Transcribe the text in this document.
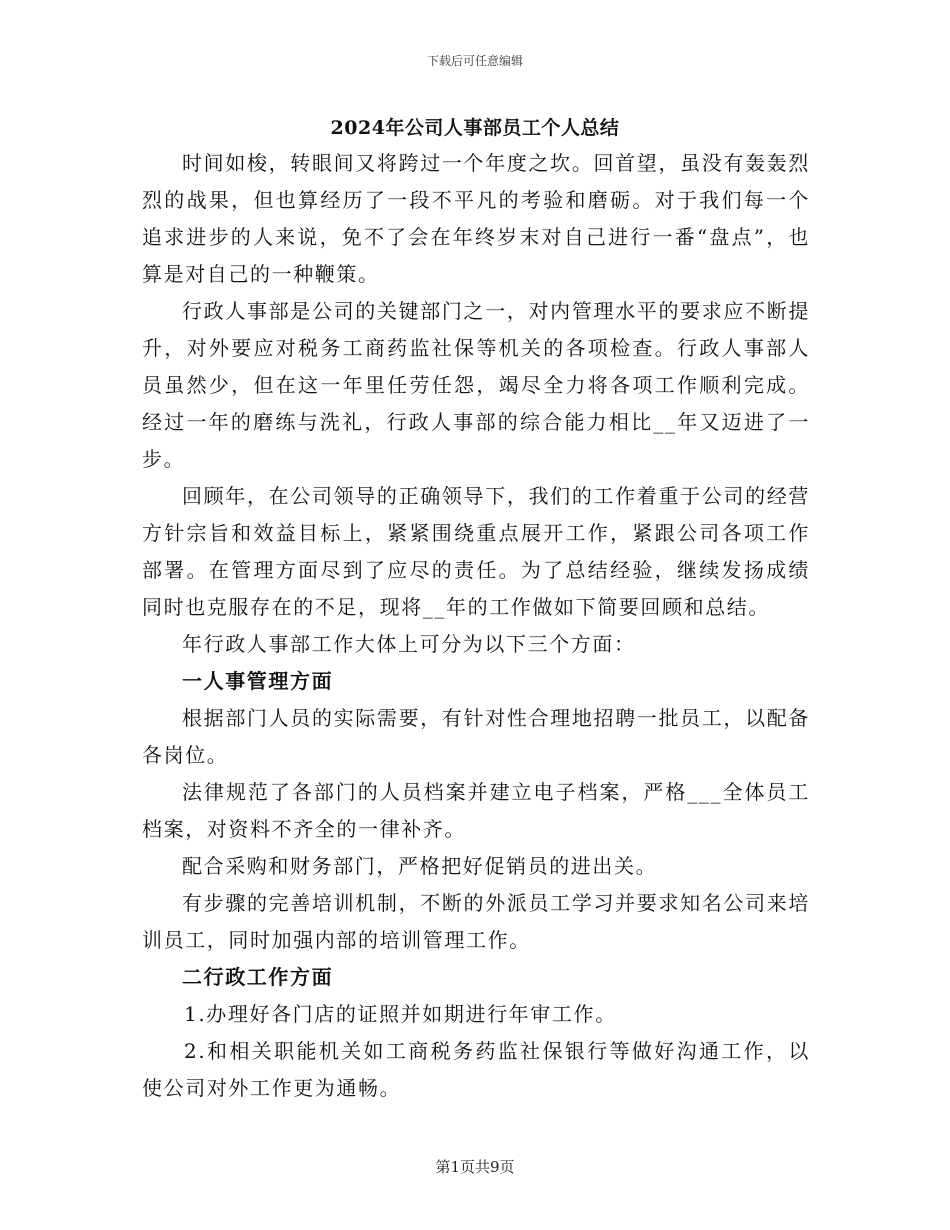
下载后可任意编辑
2024年公司人事部员工个人总结

时间如梭，转眼间又将跨过一个年度之坎。回首望，虽没有轰轰烈烈的战果，但也算经历了一段不平凡的考验和磨砺。对于我们每一个追求进步的人来说，免不了会在年终岁末对自己进行一番“盘点”，也算是对自己的一种鞭策。

行政人事部是公司的关键部门之一，对内管理水平的要求应不断提升，对外要应对税务工商药监社保等机关的各项检查。行政人事部人员虽然少，但在这一年里任劳任怨，竭尽全力将各项工作顺利完成。经过一年的磨练与洗礼，行政人事部的综合能力相比__年又迈进了一步。

回顾年，在公司领导的正确领导下，我们的工作着重于公司的经营方针宗旨和效益目标上，紧紧围绕重点展开工作，紧跟公司各项工作部署。在管理方面尽到了应尽的责任。为了总结经验，继续发扬成绩同时也克服存在的不足，现将__年的工作做如下简要回顾和总结。

年行政人事部工作大体上可分为以下三个方面：

一人事管理方面

根据部门人员的实际需要，有针对性合理地招聘一批员工，以配备各岗位。

法律规范了各部门的人员档案并建立电子档案，严格___全体员工档案，对资料不齐全的一律补齐。

配合采购和财务部门，严格把好促销员的进出关。

有步骤的完善培训机制，不断的外派员工学习并要求知名公司来培训员工，同时加强内部的培训管理工作。

二行政工作方面

1.办理好各门店的证照并如期进行年审工作。

2.和相关职能机关如工商税务药监社保银行等做好沟通工作，以使公司对外工作更为通畅。

第1页共9页
